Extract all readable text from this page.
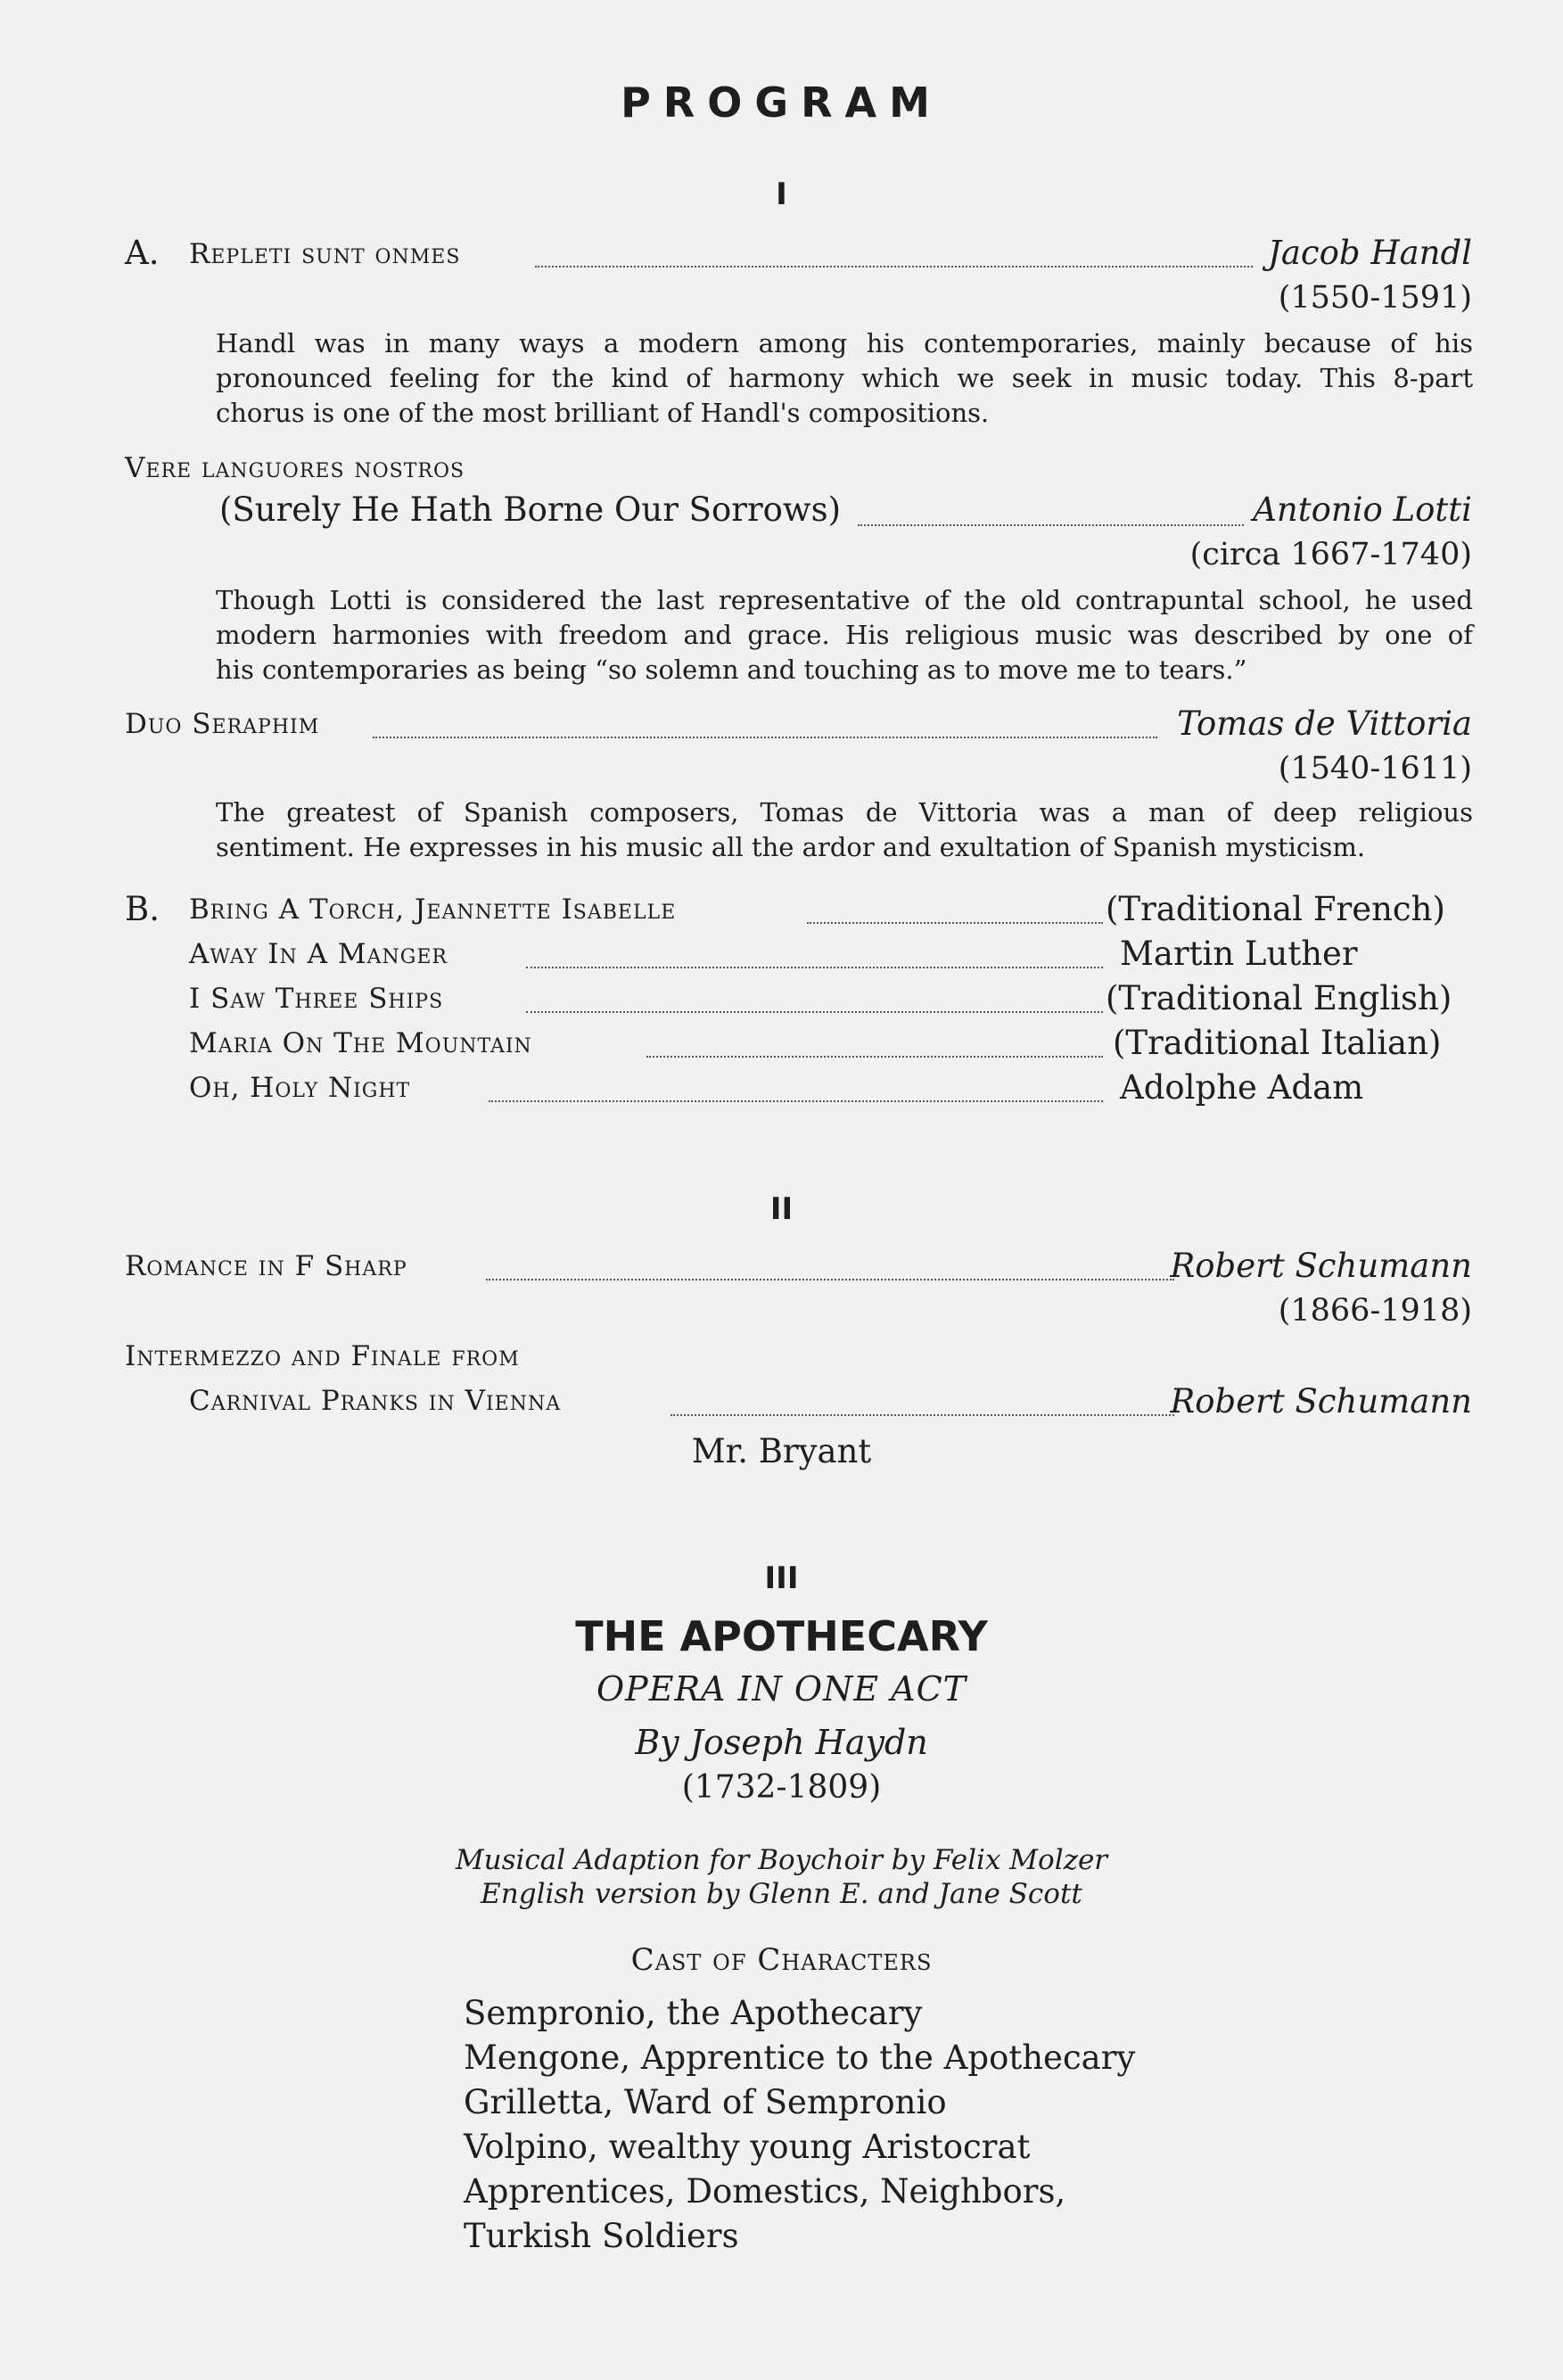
PROGRAM
I
A. Repleti sunt onmes	Jacob Handl
(1550-1591)
Handl was in many ways a modern among his contemporaries, mainly because of his
pronounced feeling for the kind of harmony which we seek in music today. This 8-part
chorus is one of the most brilliant of Handl's compositions.
Vere languores nostros
(Surely He Hath Borne Our Sorrows)	Antonio Lotti
(circa 1667-1740)
Though Lotti is considered the last representative of the old contrapuntal school, he used
modern harmonies with freedom and grace. His religious music was described by one of
his contemporaries as being “so solemn and touching as to move me to tears.”
Duo Seraphim	Tomas de Vittoria
(1540-1611)
The greatest of Spanish composers, Tomas de Vittoria was a man of deep religious
sentiment. He expresses in his music all the ardor and exultation of Spanish mysticism.
B. Bring A Torch, Jeannette Isabelle	(Traditional French)
Away In A Manger	Martin Luther
I Saw Three Ships	(Traditional English)
Maria On The Mountain	(Traditional Italian)
Oh, Holy Night	Adolphe Adam
II
Romance in F Sharp	Robert Schumann
(1866-1918)
Intermezzo and Finale from
Carnival Pranks in Vienna	Robert Schumann
Mr. Bryant
III
THE APOTHECARY
OPERA IN ONE ACT
By Joseph Haydn
(1732-1809)
Musical Adaption for Boychoir by Felix Molzer
English version by Glenn E. and Jane Scott
Cast of Characters
Sempronio, the Apothecary
Mengone, Apprentice to the Apothecary
Grilletta, Ward of Sempronio
Volpino, wealthy young Aristocrat
Apprentices, Domestics, Neighbors,
Turkish Soldiers
